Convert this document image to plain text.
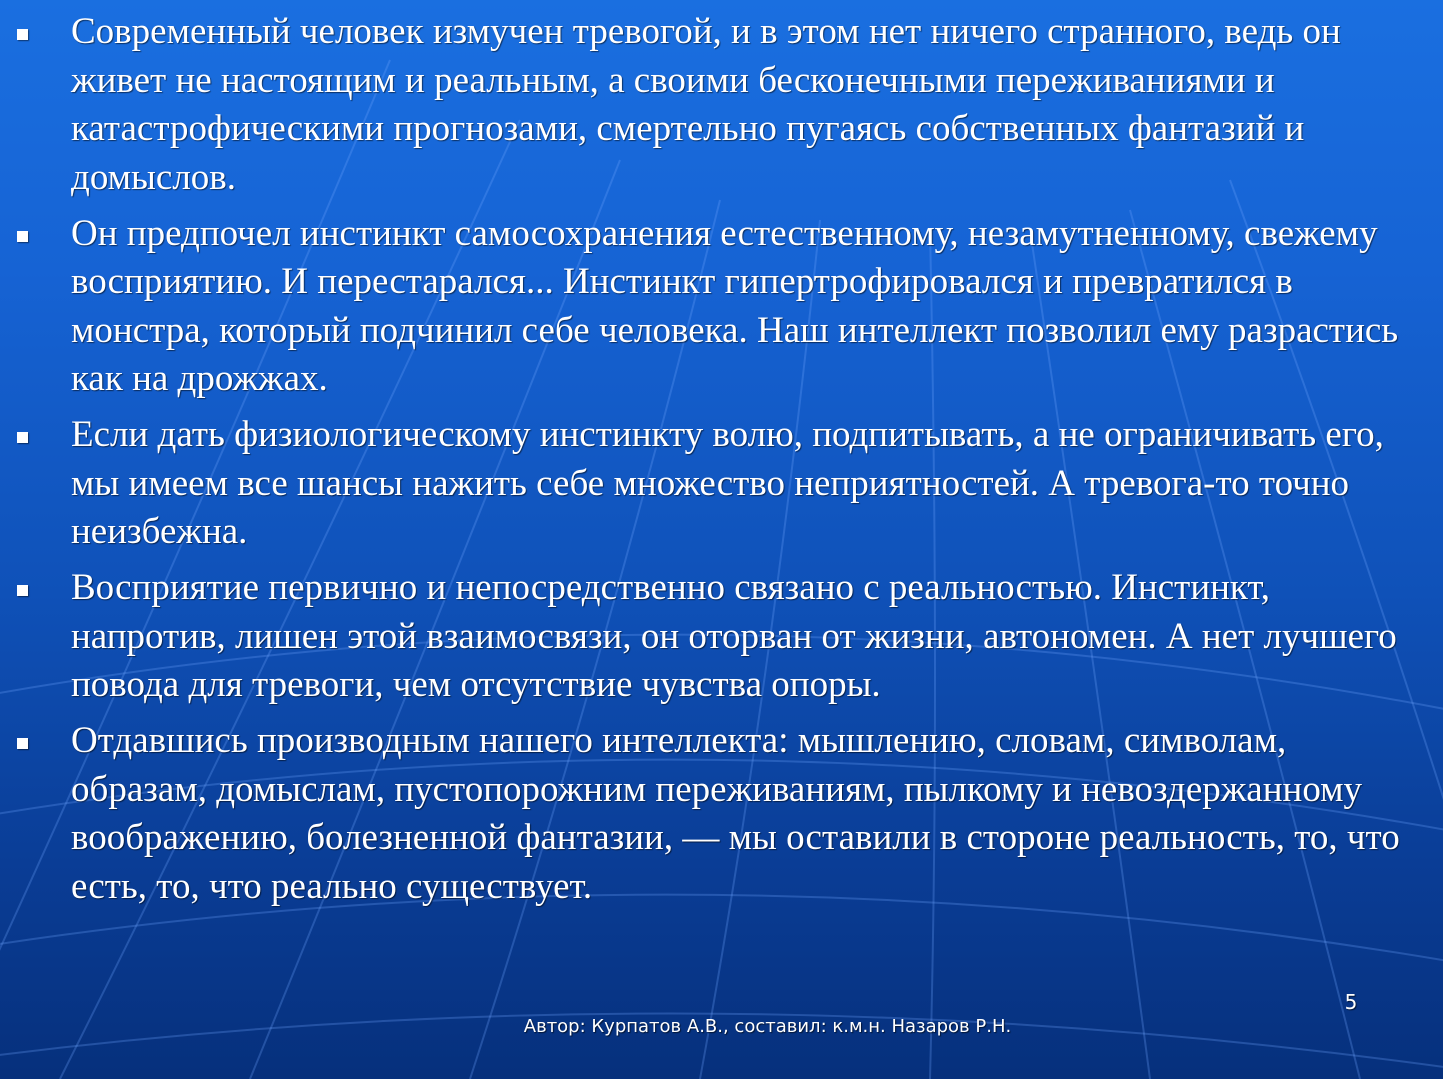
Современный человек измучен тревогой, и в этом нет ничего странного, ведь он живет не настоящим и реальным, а своими бесконечными переживаниями и катастрофическими прогнозами, смертельно пугаясь собственных фантазий и домыслов.
Он предпочел инстинкт самосохранения естественному, незамутненному, свежему восприятию. И перестарался... Инстинкт гипертрофировался и превратился в монстра, который подчинил себе человека. Наш интеллект позволил ему разрастись как на дрожжах.
Если дать физиологическому инстинкту волю, подпитывать, а не ограничивать его, мы имеем все шансы нажить себе множество неприятностей. А тревога-то точно неизбежна.
Восприятие первично и непосредственно связано с реальностью. Инстинкт, напротив, лишен этой взаимосвязи, он оторван от жизни, автономен. А нет лучшего повода для тревоги, чем отсутствие чувства опоры.
Отдавшись производным нашего интеллекта: мышлению, словам, символам, образам, домыслам, пустопорожним переживаниям, пылкому и невоздержанному воображению, болезненной фантазии, — мы оставили в стороне реальность, то, что есть, то, что реально существует.
5
Автор: Курпатов А.В., составил: к.м.н. Назаров Р.Н.
